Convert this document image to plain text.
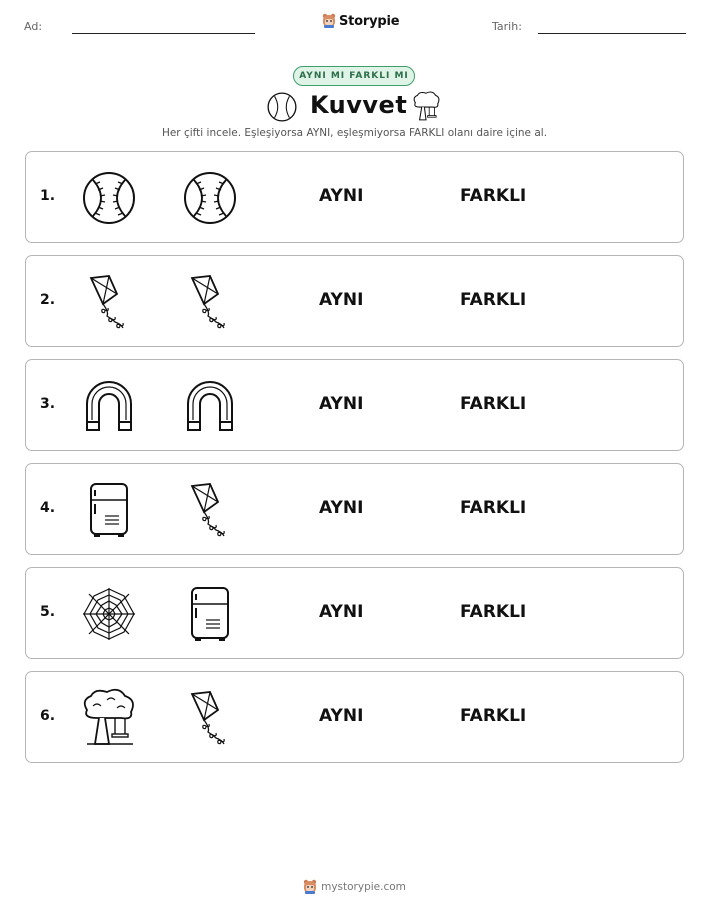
Ad:	Storypie	Tarih:
AYNI MI FARKLI MI
Kuvvet
Her çifti incele. Eşleşiyorsa AYNI, eşleşmiyorsa FARKLI olanı daire içine al.
1.	AYNI	FARKLI
2.	AYNI	FARKLI
3.	AYNI	FARKLI
4.	AYNI	FARKLI
5.	AYNI	FARKLI
6.	AYNI	FARKLI
mystorypie.com
